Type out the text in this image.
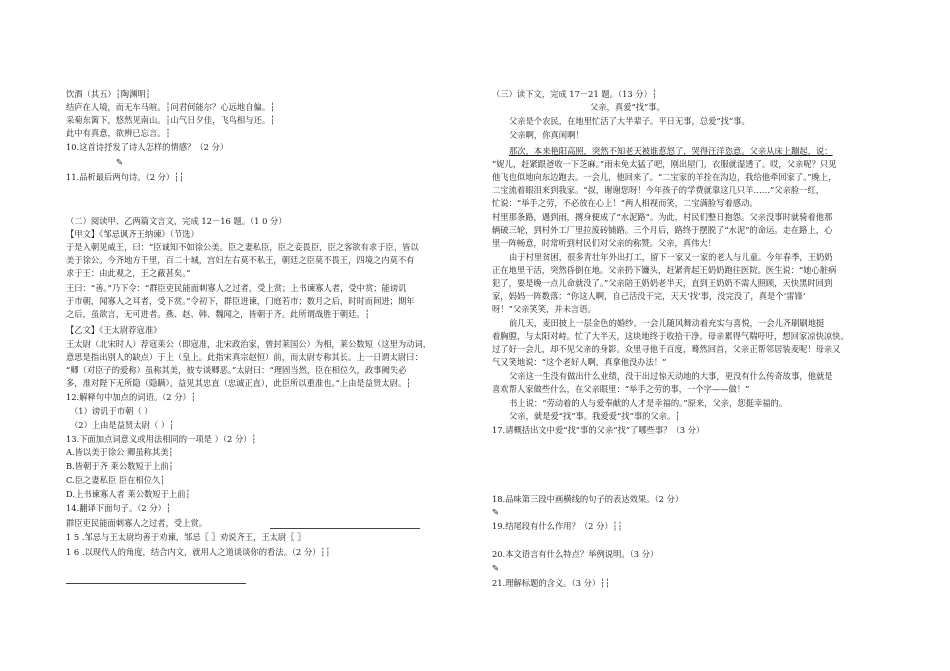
饮酒（其五）┆陶渊明┆
结庐在人境，而无车马喧。┆问君何能尔？心远地自偏。┆
采菊东篱下，悠然见南山。┆山气日夕佳，飞鸟相与还。┆
此中有真意，欲辨已忘言。┆
10.这首诗抒发了诗人怎样的情感？（2 分）
✎
11.品析最后两句诗。（2 分）┆┆
（二）阅读甲、乙两篇文言文，完成 12－16 题。（1 0 分）
【甲文】《邹忌讽齐王纳谏》（节选）
于是入朝见威王，曰：“臣诚知不如徐公美。臣之妻私臣，臣之妾畏臣，臣之客欲有求于臣，皆以
美于徐公。今齐地方千里，百二十城，宫妇左右莫不私王，朝廷之臣莫不畏王，四境之内莫不有
求于王：由此观之，王之蔽甚矣。”
王曰：“善。”乃下令：“群臣吏民能面刺寡人之过者，受上赏；上书谏寡人者，受中赏；能谤讥
于市朝，闻寡人之耳者，受下赏。”令初下，群臣进谏，门庭若市；数月之后，时时而间进；期年
之后，虽欲言，无可进者。燕、赵、韩、魏闻之，皆朝于齐。此所谓战胜于朝廷。┆
【乙文】《王太尉荐寇准》
王太尉（北宋时人）荐寇莱公（即寇准，北宋政治家，曾封莱国公）为相，莱公数短（这里为动词，
意思是指出别人的缺点）于上（皇上。此指宋真宗赵恒）前，而太尉专称其长。上一日谓太尉曰：
“卿（对臣子的爱称）虽称其美，彼专谈卿恶。”太尉曰：“理固当然，臣在相位久，政事阙失必
多，准对陛下无所隐（隐瞒），益见其忠直（忠诚正直），此臣所以重准也。”上由是益贤太尉。┆
12.解释句中加点的词语。（2 分）┆
（1）谤讥于市朝（ ）
（2）上由是益贤太尉（ ）┆
13.下面加点词意义或用法相同的一项是 ）（2 分）┆
A.皆以美于徐公 卿虽称其美┆
B.皆朝于齐 莱公数短于上前┆
C.臣之妻私臣 臣在相位久┆
D.上书谏寡人者 莱公数短于上前┆
14.翻译下面句子。（2 分）┆
群臣吏民能面刺寡人之过者，受上赏。
1 5 .邹忌与王太尉均善于劝谏，邹忌〖 〗劝说齐王，王太尉〖 〗
1 6 .以现代人的角度，结合内文，就用人之道谈谈你的看法。（2 分）┆┆
（三）读下文，完成 17－21 题。（13 分）┆
父亲，真爱“找”事。
父亲是个农民，在地里忙活了大半辈子。平日无事，总爱“找”事。
父亲啊，你真闲啊！
那次，本来艳阳高照，突然不知老天被谁惹怒了，哭得汪洋恣意。父亲从床上蹦起，说：
“妮儿，赶紧跟爸收一下芝麻。”雨未免太猛了吧，刚出屋门，衣服就湿透了。哎，父亲呢？只见
他飞也似地向东边跑去。一会儿，他回来了。“二宝家的羊拴在沟边，我给他牵回家了。”晚上，
二宝流着眼泪来到我家。“叔，谢谢您呀！今年孩子的学费就靠这几只羊……”父亲脸一红，
忙说：“举手之劳，不必放在心上！”两人相视而笑，二宝满脸写着感动。
村里那条路，遇到雨，撂身便成了“水泥路”。为此，村民们整日抱怨。父亲没事时就骑着他那
辆破三轮，到村外工厂里拉废砖铺路。三个月后，路终于摆脱了“水泥”的命运。走在路上，心
里一阵畅意，时常听到村民们对父亲的称赞。父亲，真伟大！
由于村里贫困，很多青壮年外出打工，留下一家又一家的老人与儿童。今年春季，王奶奶
正在地里干活，突然昏倒在地。父亲扔下镰头，赶紧背起王奶奶跑往医院。医生说：“她心脏病
犯了，要是晚一点儿命就没了。”父亲陪王奶奶老半天，直到王奶奶不需人照顾，天快黑时回到
家，妈妈一阵数落：“你这人啊，自己活没干完，天天‘找’事，没完没了，真是个‘雷锋’
呀！”父亲笑笑，并未言语。
前几天，麦田披上一层金色的婚纱。一会儿随风舞动着充实与喜悦，一会儿齐刷刷地挺
着胸膛，与太阳对峙。忙了大半天，这块地终于收拾干净。母亲累得气喘吁吁，想回家凉快凉快。
过了好一会儿，却不见父亲的身影。众里寻他千百度，蓦然回首，父亲正帮邻居装麦呢！母亲又
气又笑地说：“这个老好人啊，真拿他没办法！”
父亲这一生没有做出什么业绩，没干出过惊天动地的大事，更没有什么传奇故事，他就是
喜欢帮人家做些什么，在父亲眼里：“举手之劳的事，一个字——做！”
书上说：“劳动着的人与爱奉献的人才是幸福的。”原来，父亲，您挺幸福的。
父亲，就是爱“找”事。我爱爱“找”事的父亲。┆
17.请概括出文中爱“找”事的父亲“找”了哪些事？（3 分）
18.品味第三段中画横线的句子的表达效果。（2 分）
✎
19.结尾段有什么作用？（2 分）┆┆
20.本文语言有什么特点？举例说明。（3 分）
✎
21.理解标题的含义。（3 分）┆┆
